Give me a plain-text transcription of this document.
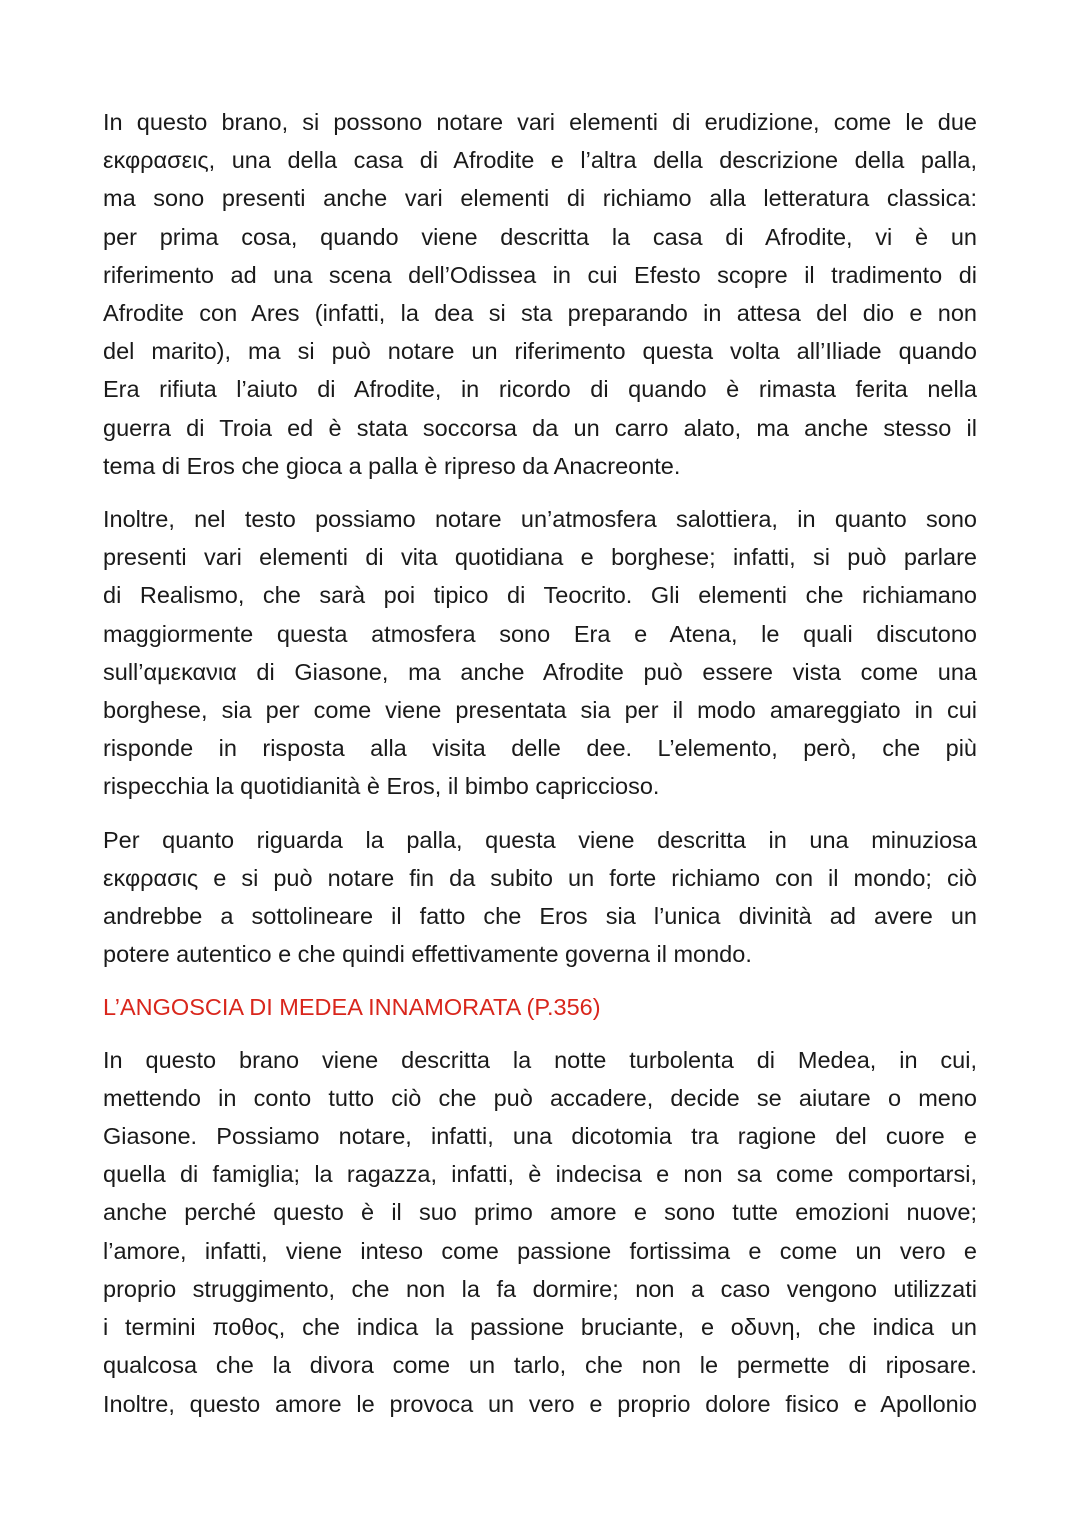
In questo brano, si possono notare vari elementi di erudizione, come le due
εκφρασεις, una della casa di Afrodite e l’altra della descrizione della palla,
ma sono presenti anche vari elementi di richiamo alla letteratura classica:
per prima cosa, quando viene descritta la casa di Afrodite, vi è un
riferimento ad una scena dell’Odissea in cui Efesto scopre il tradimento di
Afrodite con Ares (infatti, la dea si sta preparando in attesa del dio e non
del marito), ma si può notare un riferimento questa volta all’Iliade quando
Era rifiuta l’aiuto di Afrodite, in ricordo di quando è rimasta ferita nella
guerra di Troia ed è stata soccorsa da un carro alato, ma anche stesso il
tema di Eros che gioca a palla è ripreso da Anacreonte.
Inoltre, nel testo possiamo notare un’atmosfera salottiera, in quanto sono
presenti vari elementi di vita quotidiana e borghese; infatti, si può parlare
di Realismo, che sarà poi tipico di Teocrito. Gli elementi che richiamano
maggiormente questa atmosfera sono Era e Atena, le quali discutono
sull’αμεκανια di Giasone, ma anche Afrodite può essere vista come una
borghese, sia per come viene presentata sia per il modo amareggiato in cui
risponde in risposta alla visita delle dee. L’elemento, però, che più
rispecchia la quotidianità è Eros, il bimbo capriccioso.
Per quanto riguarda la palla, questa viene descritta in una minuziosa
εκφρασις e si può notare fin da subito un forte richiamo con il mondo; ciò
andrebbe a sottolineare il fatto che Eros sia l’unica divinità ad avere un
potere autentico e che quindi effettivamente governa il mondo.
L’ANGOSCIA DI MEDEA INNAMORATA (P.356)
In questo brano viene descritta la notte turbolenta di Medea, in cui,
mettendo in conto tutto ciò che può accadere, decide se aiutare o meno
Giasone. Possiamo notare, infatti, una dicotomia tra ragione del cuore e
quella di famiglia; la ragazza, infatti, è indecisa e non sa come comportarsi,
anche perché questo è il suo primo amore e sono tutte emozioni nuove;
l’amore, infatti, viene inteso come passione fortissima e come un vero e
proprio struggimento, che non la fa dormire; non a caso vengono utilizzati
i termini ποθος, che indica la passione bruciante, e οδυνη, che indica un
qualcosa che la divora come un tarlo, che non le permette di riposare.
Inoltre, questo amore le provoca un vero e proprio dolore fisico e Apollonio
